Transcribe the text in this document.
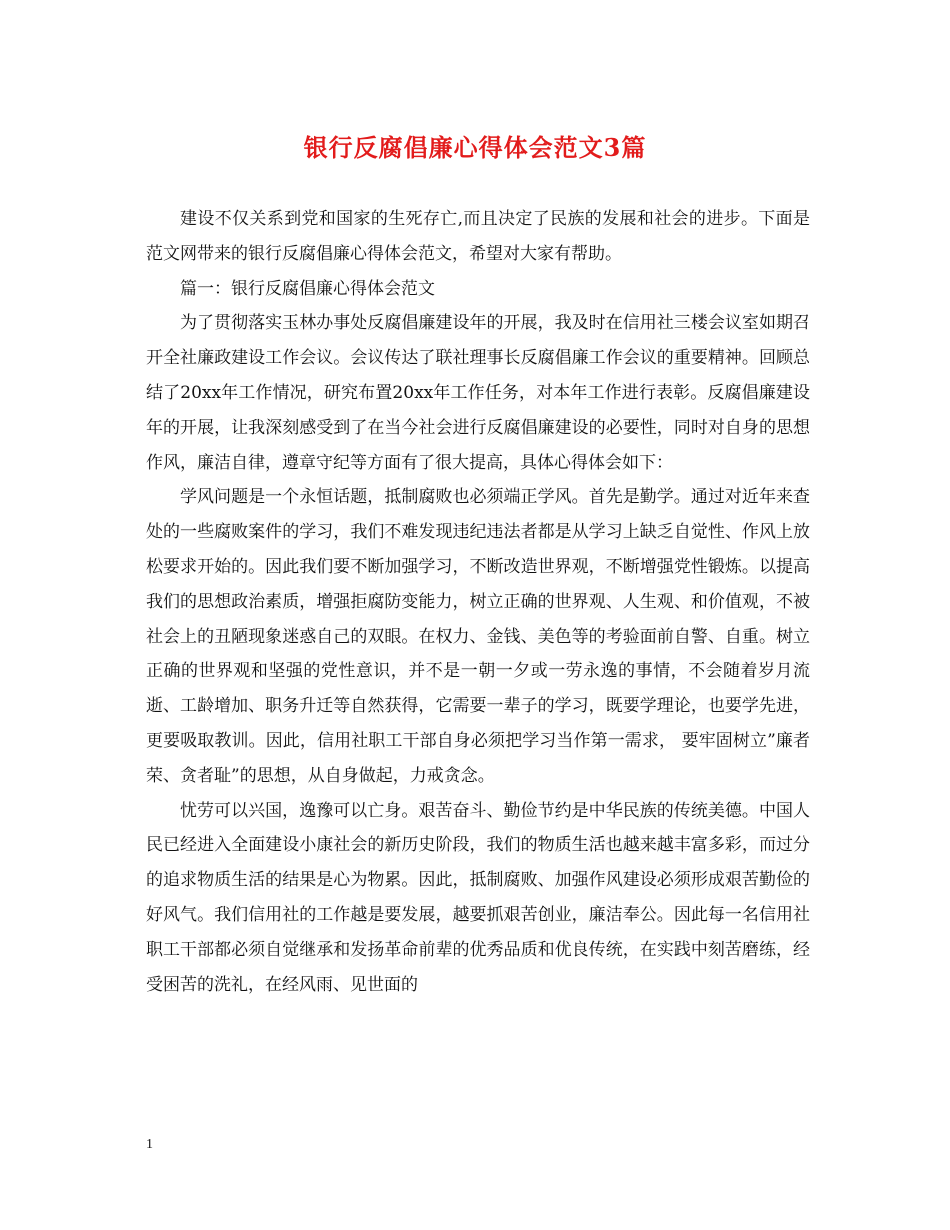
银行反腐倡廉心得体会范文3篇

建设不仅关系到党和国家的生死存亡,而且决定了民族的发展和社会的进步。下面是范文网带来的银行反腐倡廉心得体会范文，希望对大家有帮助。

篇一：银行反腐倡廉心得体会范文

为了贯彻落实玉林办事处反腐倡廉建设年的开展，我及时在信用社三楼会议室如期召开全社廉政建设工作会议。会议传达了联社理事长反腐倡廉工作会议的重要精神。回顾总结了20xx年工作情况，研究布置20xx年工作任务，对本年工作进行表彰。反腐倡廉建设年的开展，让我深刻感受到了在当今社会进行反腐倡廉建设的必要性，同时对自身的思想作风，廉洁自律，遵章守纪等方面有了很大提高，具体心得体会如下：

学风问题是一个永恒话题，抵制腐败也必须端正学风。首先是勤学。通过对近年来查处的一些腐败案件的学习，我们不难发现违纪违法者都是从学习上缺乏自觉性、作风上放松要求开始的。因此我们要不断加强学习，不断改造世界观，不断增强党性锻炼。以提高我们的思想政治素质，增强拒腐防变能力，树立正确的世界观、人生观、和价值观，不被社会上的丑陋现象迷惑自己的双眼。在权力、金钱、美色等的考验面前自警、自重。树立正确的世界观和坚强的党性意识，并不是一朝一夕或一劳永逸的事情，不会随着岁月流逝、工龄增加、职务升迁等自然获得，它需要一辈子的学习，既要学理论，也要学先进，更要吸取教训。因此，信用社职工干部自身必须把学习当作第一需求， 要牢固树立”廉者荣、贪者耻”的思想，从自身做起，力戒贪念。

忧劳可以兴国，逸豫可以亡身。艰苦奋斗、勤俭节约是中华民族的传统美德。中国人民已经进入全面建设小康社会的新历史阶段，我们的物质生活也越来越丰富多彩，而过分的追求物质生活的结果是心为物累。因此，抵制腐败、加强作风建设必须形成艰苦勤俭的好风气。我们信用社的工作越是要发展，越要抓艰苦创业，廉洁奉公。因此每一名信用社职工干部都必须自觉继承和发扬革命前辈的优秀品质和优良传统，在实践中刻苦磨练，经受困苦的洗礼，在经风雨、见世面的

1
